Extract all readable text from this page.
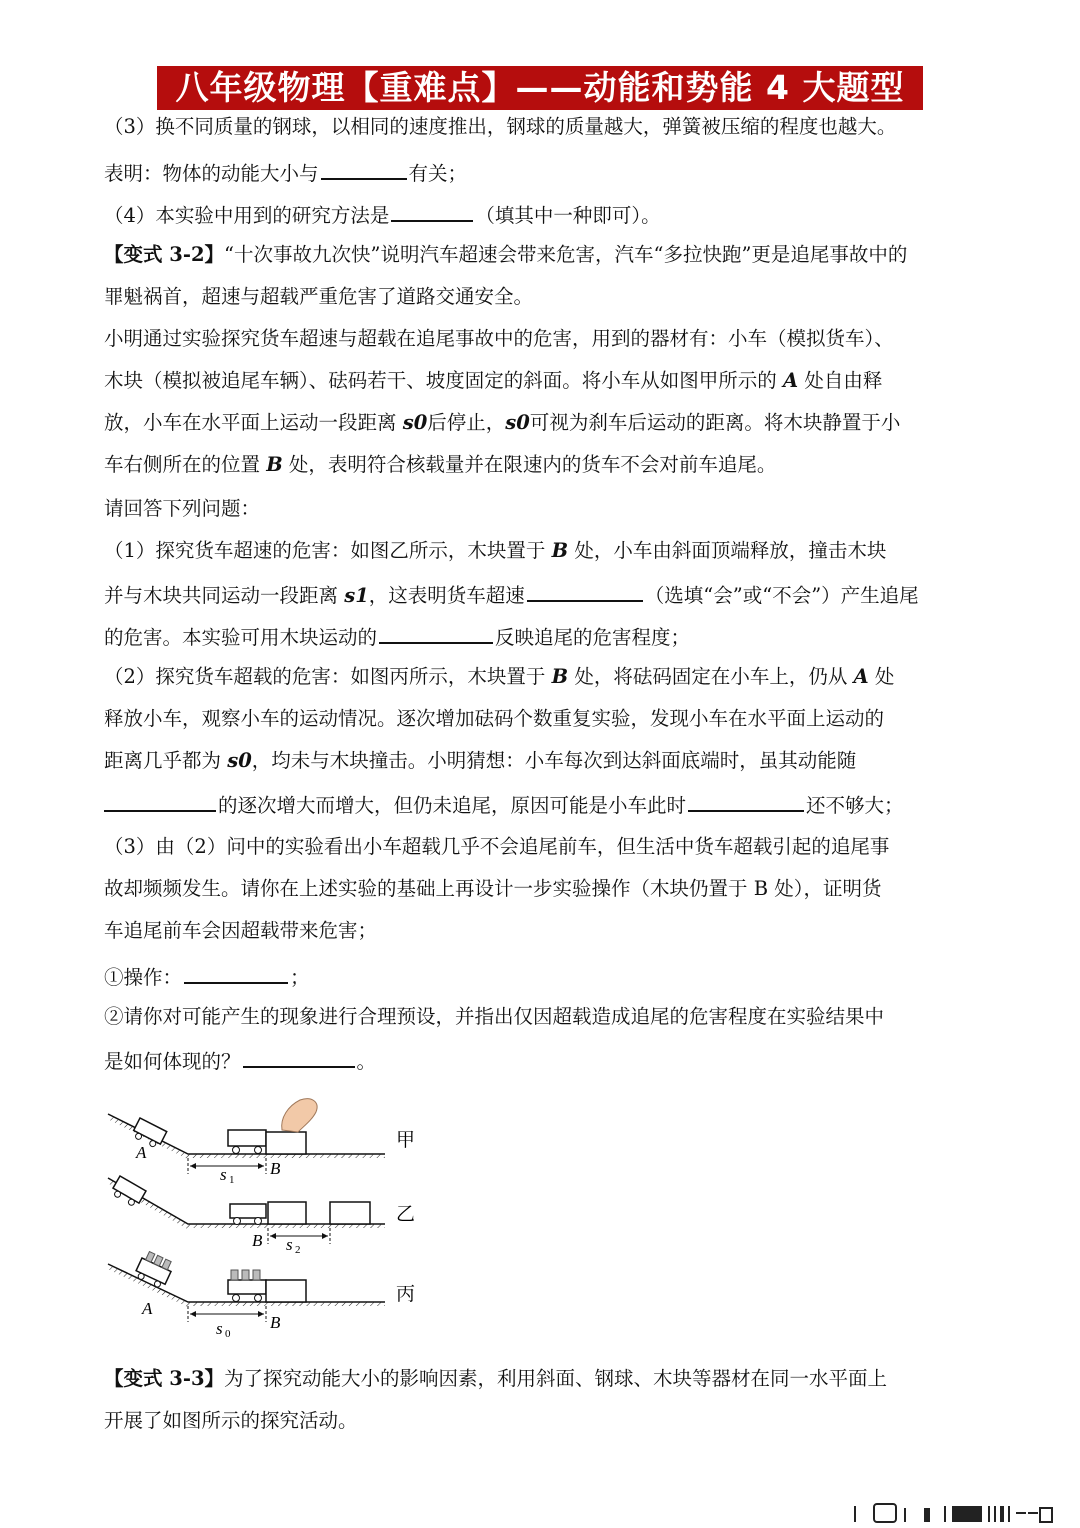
八年级物理【重难点】——动能和势能 4 大题型
（3）换不同质量的钢球，以相同的速度推出，钢球的质量越大，弹簧被压缩的程度也越大。
表明：物体的动能大小与	有关；
（4）本实验中用到的研究方法是	（填其中一种即可）。
【变式 3-2】“十次事故九次快”说明汽车超速会带来危害，汽车“多拉快跑”更是追尾事故中的
罪魁祸首，超速与超载严重危害了道路交通安全。
小明通过实验探究货车超速与超载在追尾事故中的危害，用到的器材有：小车（模拟货车）、
木块（模拟被追尾车辆）、砝码若干、坡度固定的斜面。将小车从如图甲所示的 A 处自由释
放，小车在水平面上运动一段距离 s0后停止，s0可视为刹车后运动的距离。将木块静置于小
车右侧所在的位置 B 处，表明符合核载量并在限速内的货车不会对前车追尾。
请回答下列问题：
（1）探究货车超速的危害：如图乙所示，木块置于 B 处，小车由斜面顶端释放，撞击木块
并与木块共同运动一段距离 s1，这表明货车超速	（选填“会”或“不会”）产生追尾
的危害。本实验可用木块运动的	反映追尾的危害程度；
（2）探究货车超载的危害：如图丙所示，木块置于 B 处，将砝码固定在小车上，仍从 A 处
释放小车，观察小车的运动情况。逐次增加砝码个数重复实验，发现小车在水平面上运动的
距离几乎都为 s0，均未与木块撞击。小明猜想：小车每次到达斜面底端时，虽其动能随
的逐次增大而增大，但仍未追尾，原因可能是小车此时	还不够大；
（3）由（2）问中的实验看出小车超载几乎不会追尾前车，但生活中货车超载引起的追尾事
故却频频发生。请你在上述实验的基础上再设计一步实验操作（木块仍置于 B 处），证明货
车追尾前车会因超载带来危害；
①操作：	；
②请你对可能产生的现象进行合理预设，并指出仅因超载造成追尾的危害程度在实验结果中
是如何体现的？	。
【变式 3-3】为了探究动能大小的影响因素，利用斜面、钢球、木块等器材在同一水平面上
开展了如图所示的探究活动。
A
B
s 1
甲
B s 2
乙
A
B
s 0
丙
